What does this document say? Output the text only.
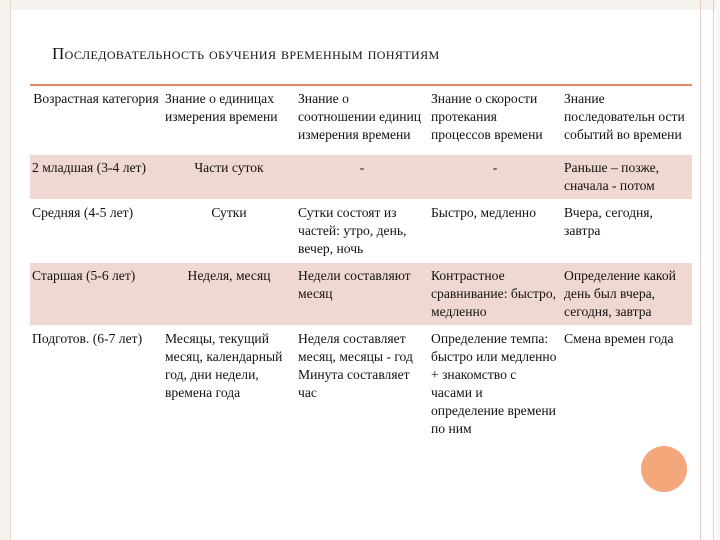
Последовательность обучения временным понятиям
Возрастная категория	Знание о единицах измерения времени	Знание о соотношении единиц измерения времени	Знание о скорости протекания процессов времени	Знание последовательн ости событий во времени
2 младшая (3-4 лет)	Части суток	-	-	Раньше – позже, сначала - потом
Средняя (4-5 лет)	Сутки	Сутки состоят из частей: утро, день, вечер, ночь	Быстро, медленно	Вчера, сегодня, завтра
Старшая (5-6 лет)	Неделя, месяц	Недели составляют месяц	Контрастное сравнивание: быстро, медленно	Определение какой день был вчера, сегодня, завтра
Подготов. (6-7 лет)	Месяцы, текущий месяц, календарный год, дни недели, времена года	Неделя составляет месяц, месяцы - год Минута составляет час	Определение темпа: быстро или медленно + знакомство с часами и определение времени по ним	Смена времен года
